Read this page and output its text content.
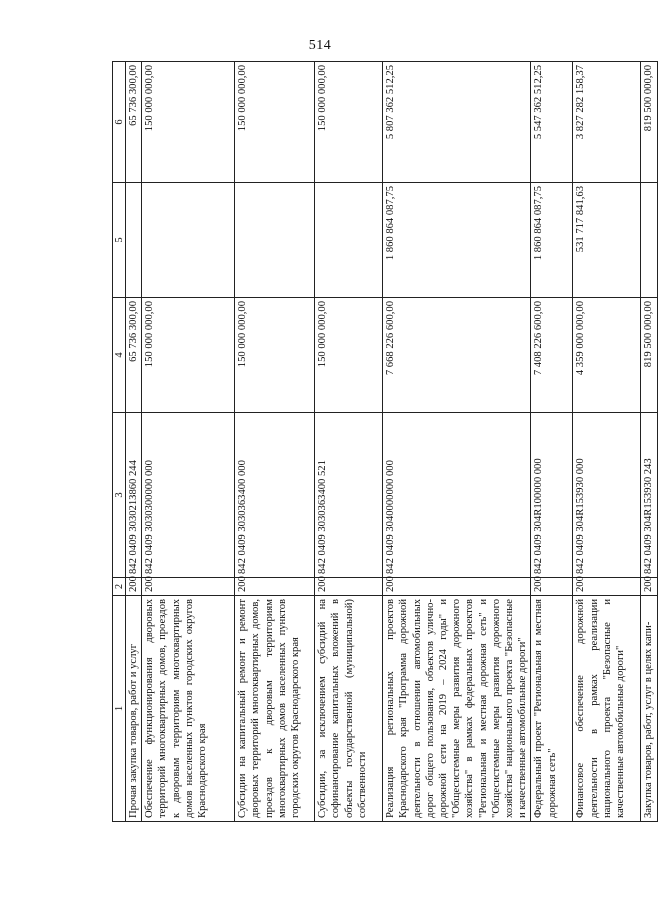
514
1	2	3	4	5	6
Прочая закупка товаров, работ и услуг	200	842 0409 303021З860 244	65 736 300,00		65 736 300,00
Обеспечение функционирования дворовых территорий многоквартирных домов, проездов к дворовым территориям многоквартирных домов населенных пунктов городских округов Краснодарского края	200	842 0409 3030300000 000	150 000 000,00		150 000 000,00
Субсидии на капитальный ремонт и ремонт дворовых территорий многоквартирных домов, проездов к дворовым территориям многоквартирных домов населенных пунктов городских округов Краснодарского края	200	842 0409 3030363400 000	150 000 000,00		150 000 000,00
Субсидии, за исключением субсидий на софинансирование капитальных вложений в объекты государственной (муниципальной) собственности	200	842 0409 3030363400 521	150 000 000,00		150 000 000,00
Реализация региональных проектов Краснодарского края "Программа дорожной деятельности в отношении автомобильных дорог общего пользования, объектов улично-дорожной сети на 2019 – 2024 годы" и "Общесистемные меры развития дорожного хозяйства" в рамках федеральных проектов "Региональная и местная дорожная сеть" и "Общесистемные меры развития дорожного хозяйства" национального проекта "Безопасные и качественные автомобильные дороги"	200	842 0409 3040000000 000	7 668 226 600,00	1 860 864 087,75	5 807 362 512,25
Федеральный проект "Региональная и местная дорожная сеть"	200	842 0409 304R100000 000	7 408 226 600,00	1 860 864 087,75	5 547 362 512,25
Финансовое обеспечение дорожной деятельности в рамках реализации национального проекта "Безопасные и качественные автомобильные дороги"	200	842 0409 304R153930 000	4 359 000 000,00	531 717 841,63	3 827 282 158,37
Закупка товаров, работ, услуг в целях капи-	200	842 0409 304R153930 243	819 500 000,00		819 500 000,00
